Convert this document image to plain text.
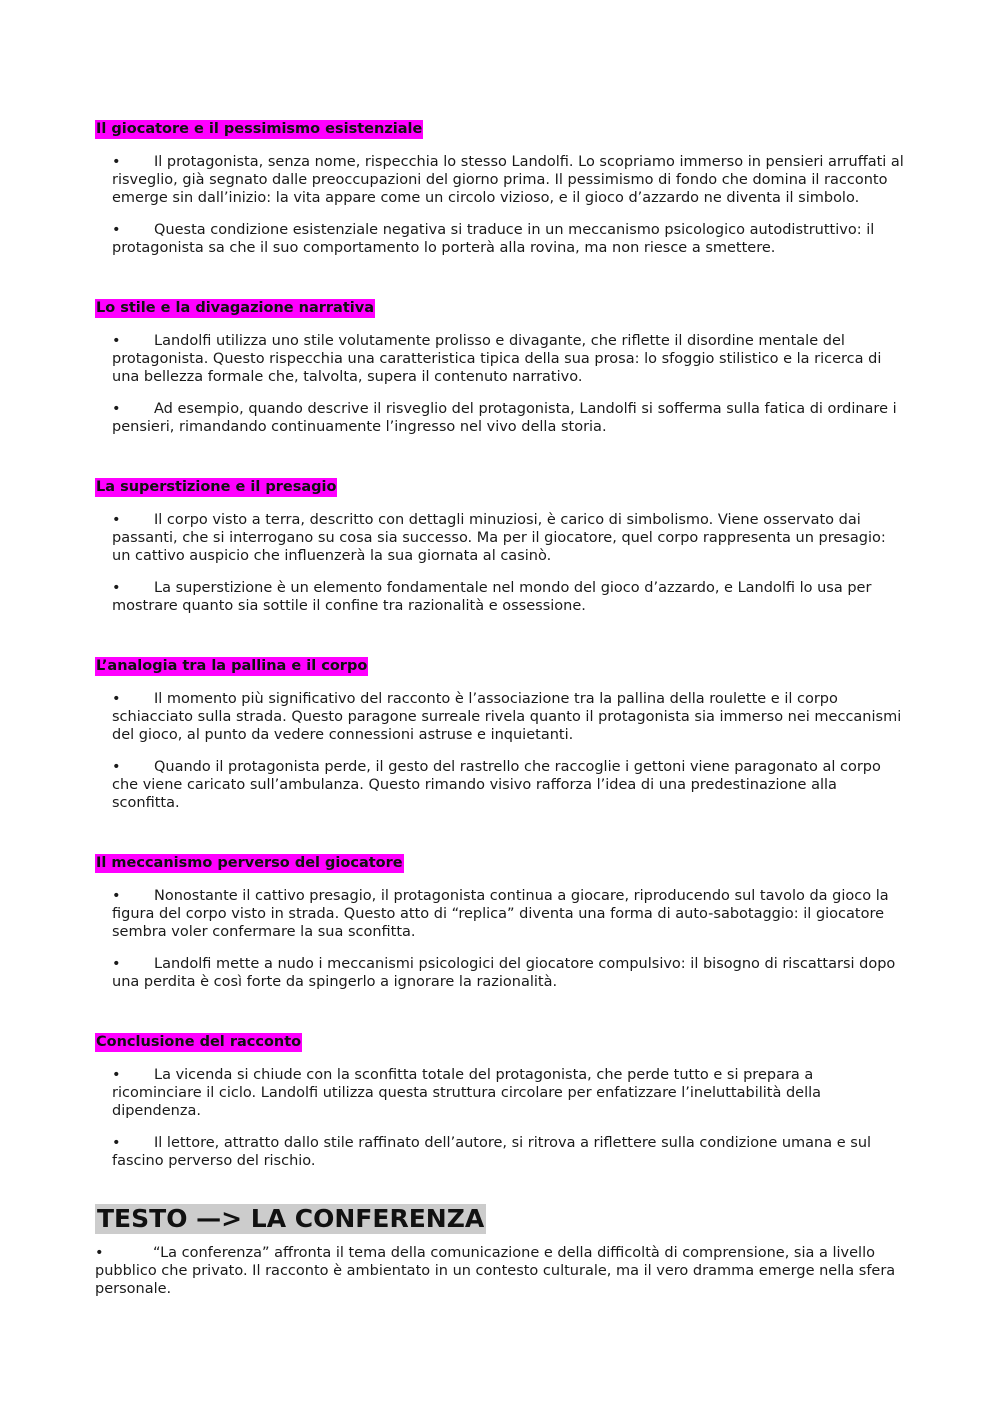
Il giocatore e il pessimismo esistenziale

• Il protagonista, senza nome, rispecchia lo stesso Landolfi. Lo scopriamo immerso in pensieri arruffati al risveglio, già segnato dalle preoccupazioni del giorno prima. Il pessimismo di fondo che domina il racconto emerge sin dall’inizio: la vita appare come un circolo vizioso, e il gioco d’azzardo ne diventa il simbolo.

• Questa condizione esistenziale negativa si traduce in un meccanismo psicologico autodistruttivo: il protagonista sa che il suo comportamento lo porterà alla rovina, ma non riesce a smettere.

Lo stile e la divagazione narrativa

• Landolfi utilizza uno stile volutamente prolisso e divagante, che riflette il disordine mentale del protagonista. Questo rispecchia una caratteristica tipica della sua prosa: lo sfoggio stilistico e la ricerca di una bellezza formale che, talvolta, supera il contenuto narrativo.

• Ad esempio, quando descrive il risveglio del protagonista, Landolfi si sofferma sulla fatica di ordinare i pensieri, rimandando continuamente l’ingresso nel vivo della storia.

La superstizione e il presagio

• Il corpo visto a terra, descritto con dettagli minuziosi, è carico di simbolismo. Viene osservato dai passanti, che si interrogano su cosa sia successo. Ma per il giocatore, quel corpo rappresenta un presagio: un cattivo auspicio che influenzerà la sua giornata al casinò.

• La superstizione è un elemento fondamentale nel mondo del gioco d’azzardo, e Landolfi lo usa per mostrare quanto sia sottile il confine tra razionalità e ossessione.

L’analogia tra la pallina e il corpo

• Il momento più significativo del racconto è l’associazione tra la pallina della roulette e il corpo schiacciato sulla strada. Questo paragone surreale rivela quanto il protagonista sia immerso nei meccanismi del gioco, al punto da vedere connessioni astruse e inquietanti.

• Quando il protagonista perde, il gesto del rastrello che raccoglie i gettoni viene paragonato al corpo che viene caricato sull’ambulanza. Questo rimando visivo rafforza l’idea di una predestinazione alla sconfitta.

Il meccanismo perverso del giocatore

• Nonostante il cattivo presagio, il protagonista continua a giocare, riproducendo sul tavolo da gioco la figura del corpo visto in strada. Questo atto di “replica” diventa una forma di auto-sabotaggio: il giocatore sembra voler confermare la sua sconfitta.

• Landolfi mette a nudo i meccanismi psicologici del giocatore compulsivo: il bisogno di riscattarsi dopo una perdita è così forte da spingerlo a ignorare la razionalità.

Conclusione del racconto

• La vicenda si chiude con la sconfitta totale del protagonista, che perde tutto e si prepara a ricominciare il ciclo. Landolfi utilizza questa struttura circolare per enfatizzare l’ineluttabilità della dipendenza.

• Il lettore, attratto dallo stile raffinato dell’autore, si ritrova a riflettere sulla condizione umana e sul fascino perverso del rischio.

TESTO —> LA CONFERENZA

•	“La conferenza” affronta il tema della comunicazione e della difficoltà di comprensione, sia a livello pubblico che privato. Il racconto è ambientato in un contesto culturale, ma il vero dramma emerge nella sfera personale.
